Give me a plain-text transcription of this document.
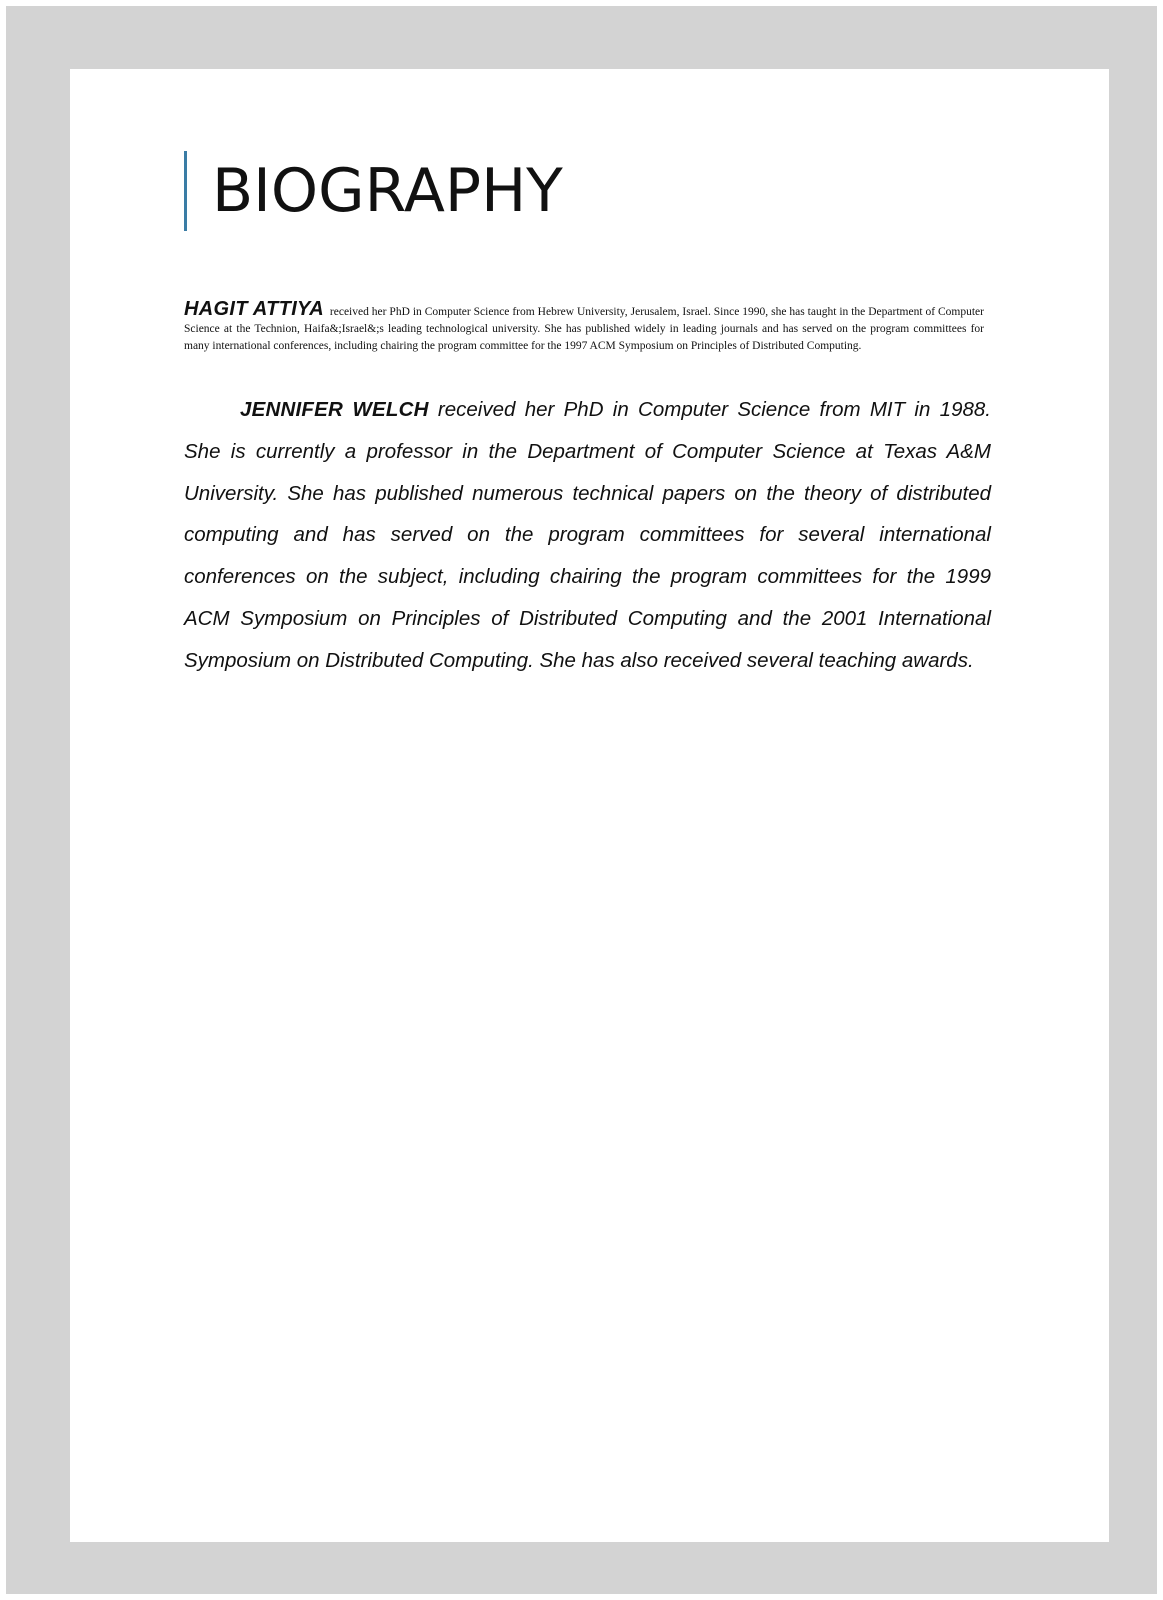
BIOGRAPHY

HAGIT ATTIYA received her PhD in Computer Science from Hebrew University, Jerusalem, Israel. Since 1990, she has taught in the Department of Computer Science at the Technion, Haifa&;Israel&;s leading technological university. She has published widely in leading journals and has served on the program committees for many international conferences, including chairing the program committee for the 1997 ACM Symposium on Principles of Distributed Computing.

JENNIFER WELCH received her PhD in Computer Science from MIT in 1988. She is currently a professor in the Department of Computer Science at Texas A&M University. She has published numerous technical papers on the theory of distributed computing and has served on the program committees for several international conferences on the subject, including chairing the program committees for the 1999 ACM Symposium on Principles of Distributed Computing and the 2001 International Symposium on Distributed Computing. She has also received several teaching awards.
